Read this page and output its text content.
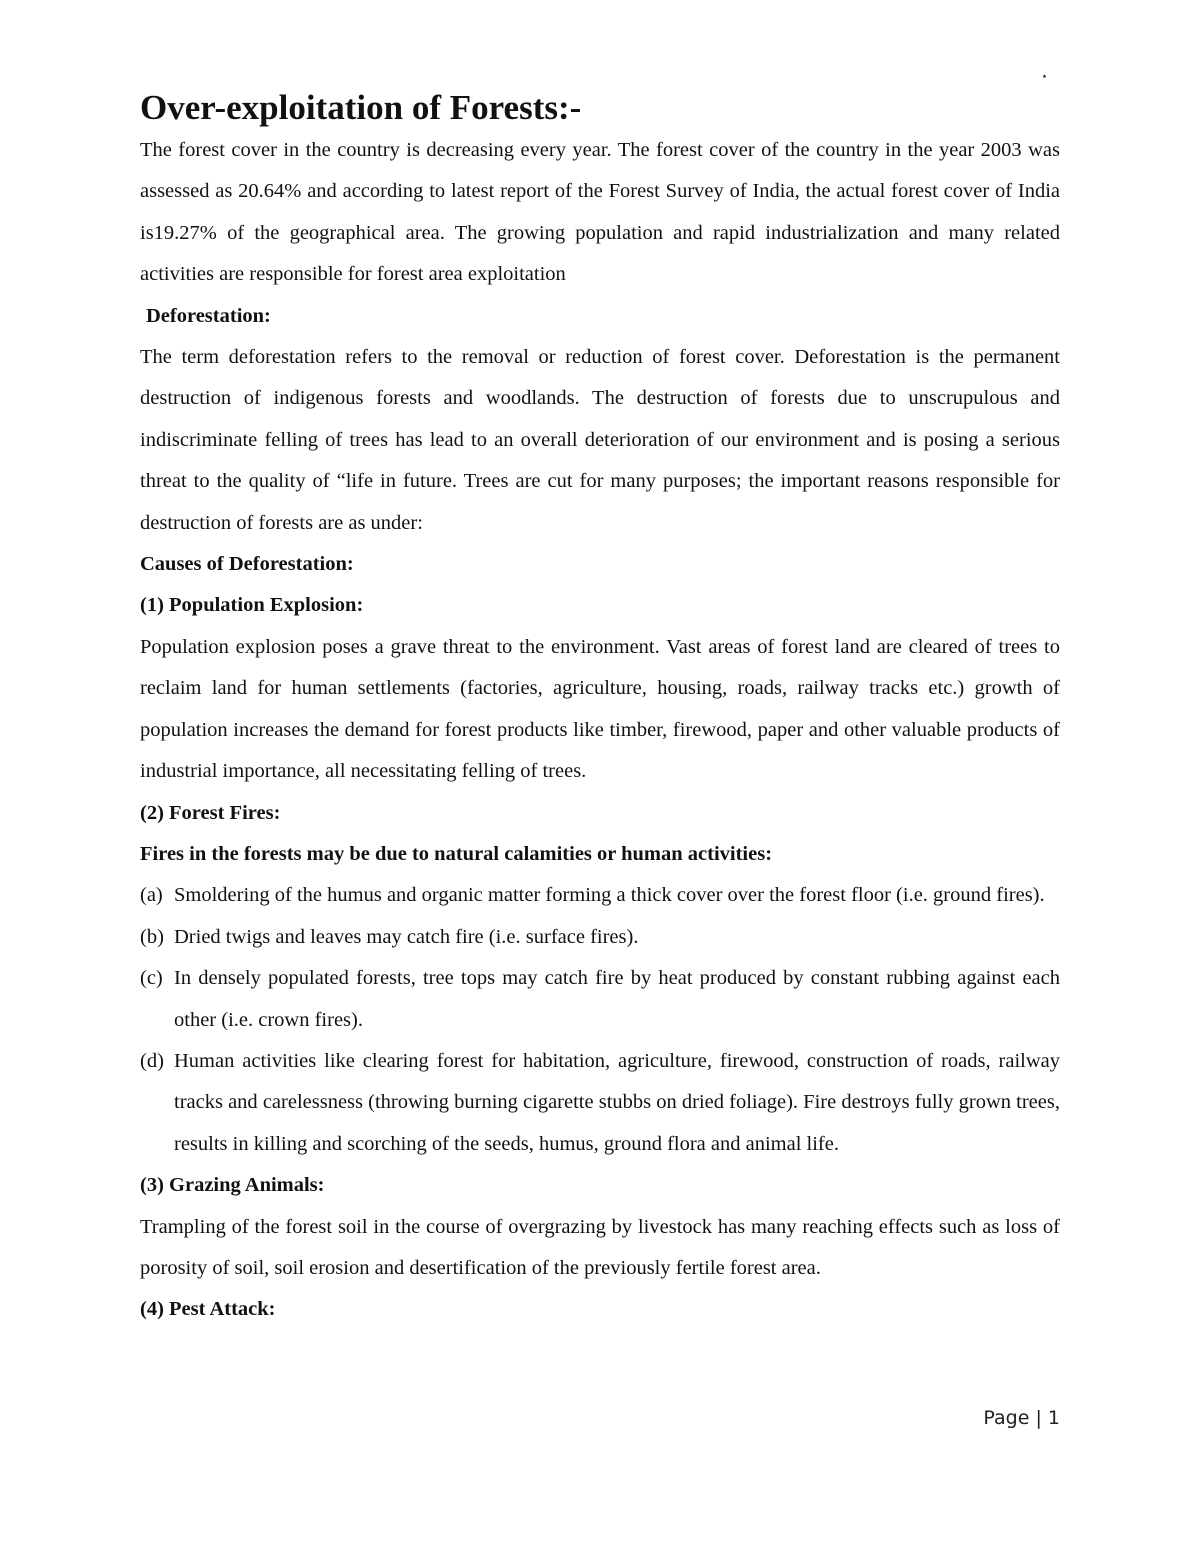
٭
Over-exploitation of Forests:-

The forest cover in the country is decreasing every year. The forest cover of the country in the year 2003 was assessed as 20.64% and according to latest report of the Forest Survey of India, the actual forest cover of India is19.27% of the geographical area. The growing population and rapid industrialization and many related activities are responsible for forest area exploitation

Deforestation:

The term deforestation refers to the removal or reduction of forest cover. Deforestation is the permanent destruction of indigenous forests and woodlands. The destruction of forests due to unscrupulous and indiscriminate felling of trees has lead to an overall deterioration of our environment and is posing a serious threat to the quality of “life in future. Trees are cut for many purposes; the important reasons responsible for destruction of forests are as under:

Causes of Deforestation:

(1) Population Explosion:

Population explosion poses a grave threat to the environment. Vast areas of forest land are cleared of trees to reclaim land for human settlements (factories, agriculture, housing, roads, railway tracks etc.) growth of population increases the demand for forest products like timber, firewood, paper and other valuable products of industrial importance, all necessitating felling of trees.

(2) Forest Fires:

Fires in the forests may be due to natural calamities or human activities:

(a) Smoldering of the humus and organic matter forming a thick cover over the forest floor (i.e. ground fires).
(b) Dried twigs and leaves may catch fire (i.e. surface fires).
(c) In densely populated forests, tree tops may catch fire by heat produced by constant rubbing against each other (i.e. crown fires).
(d) Human activities like clearing forest for habitation, agriculture, firewood, construction of roads, railway tracks and carelessness (throwing burning cigarette stubbs on dried foliage). Fire destroys fully grown trees, results in killing and scorching of the seeds, humus, ground flora and animal life.

(3) Grazing Animals:

Trampling of the forest soil in the course of overgrazing by livestock has many reaching effects such as loss of porosity of soil, soil erosion and desertification of the previously fertile forest area.

(4) Pest Attack:

Page | 1
